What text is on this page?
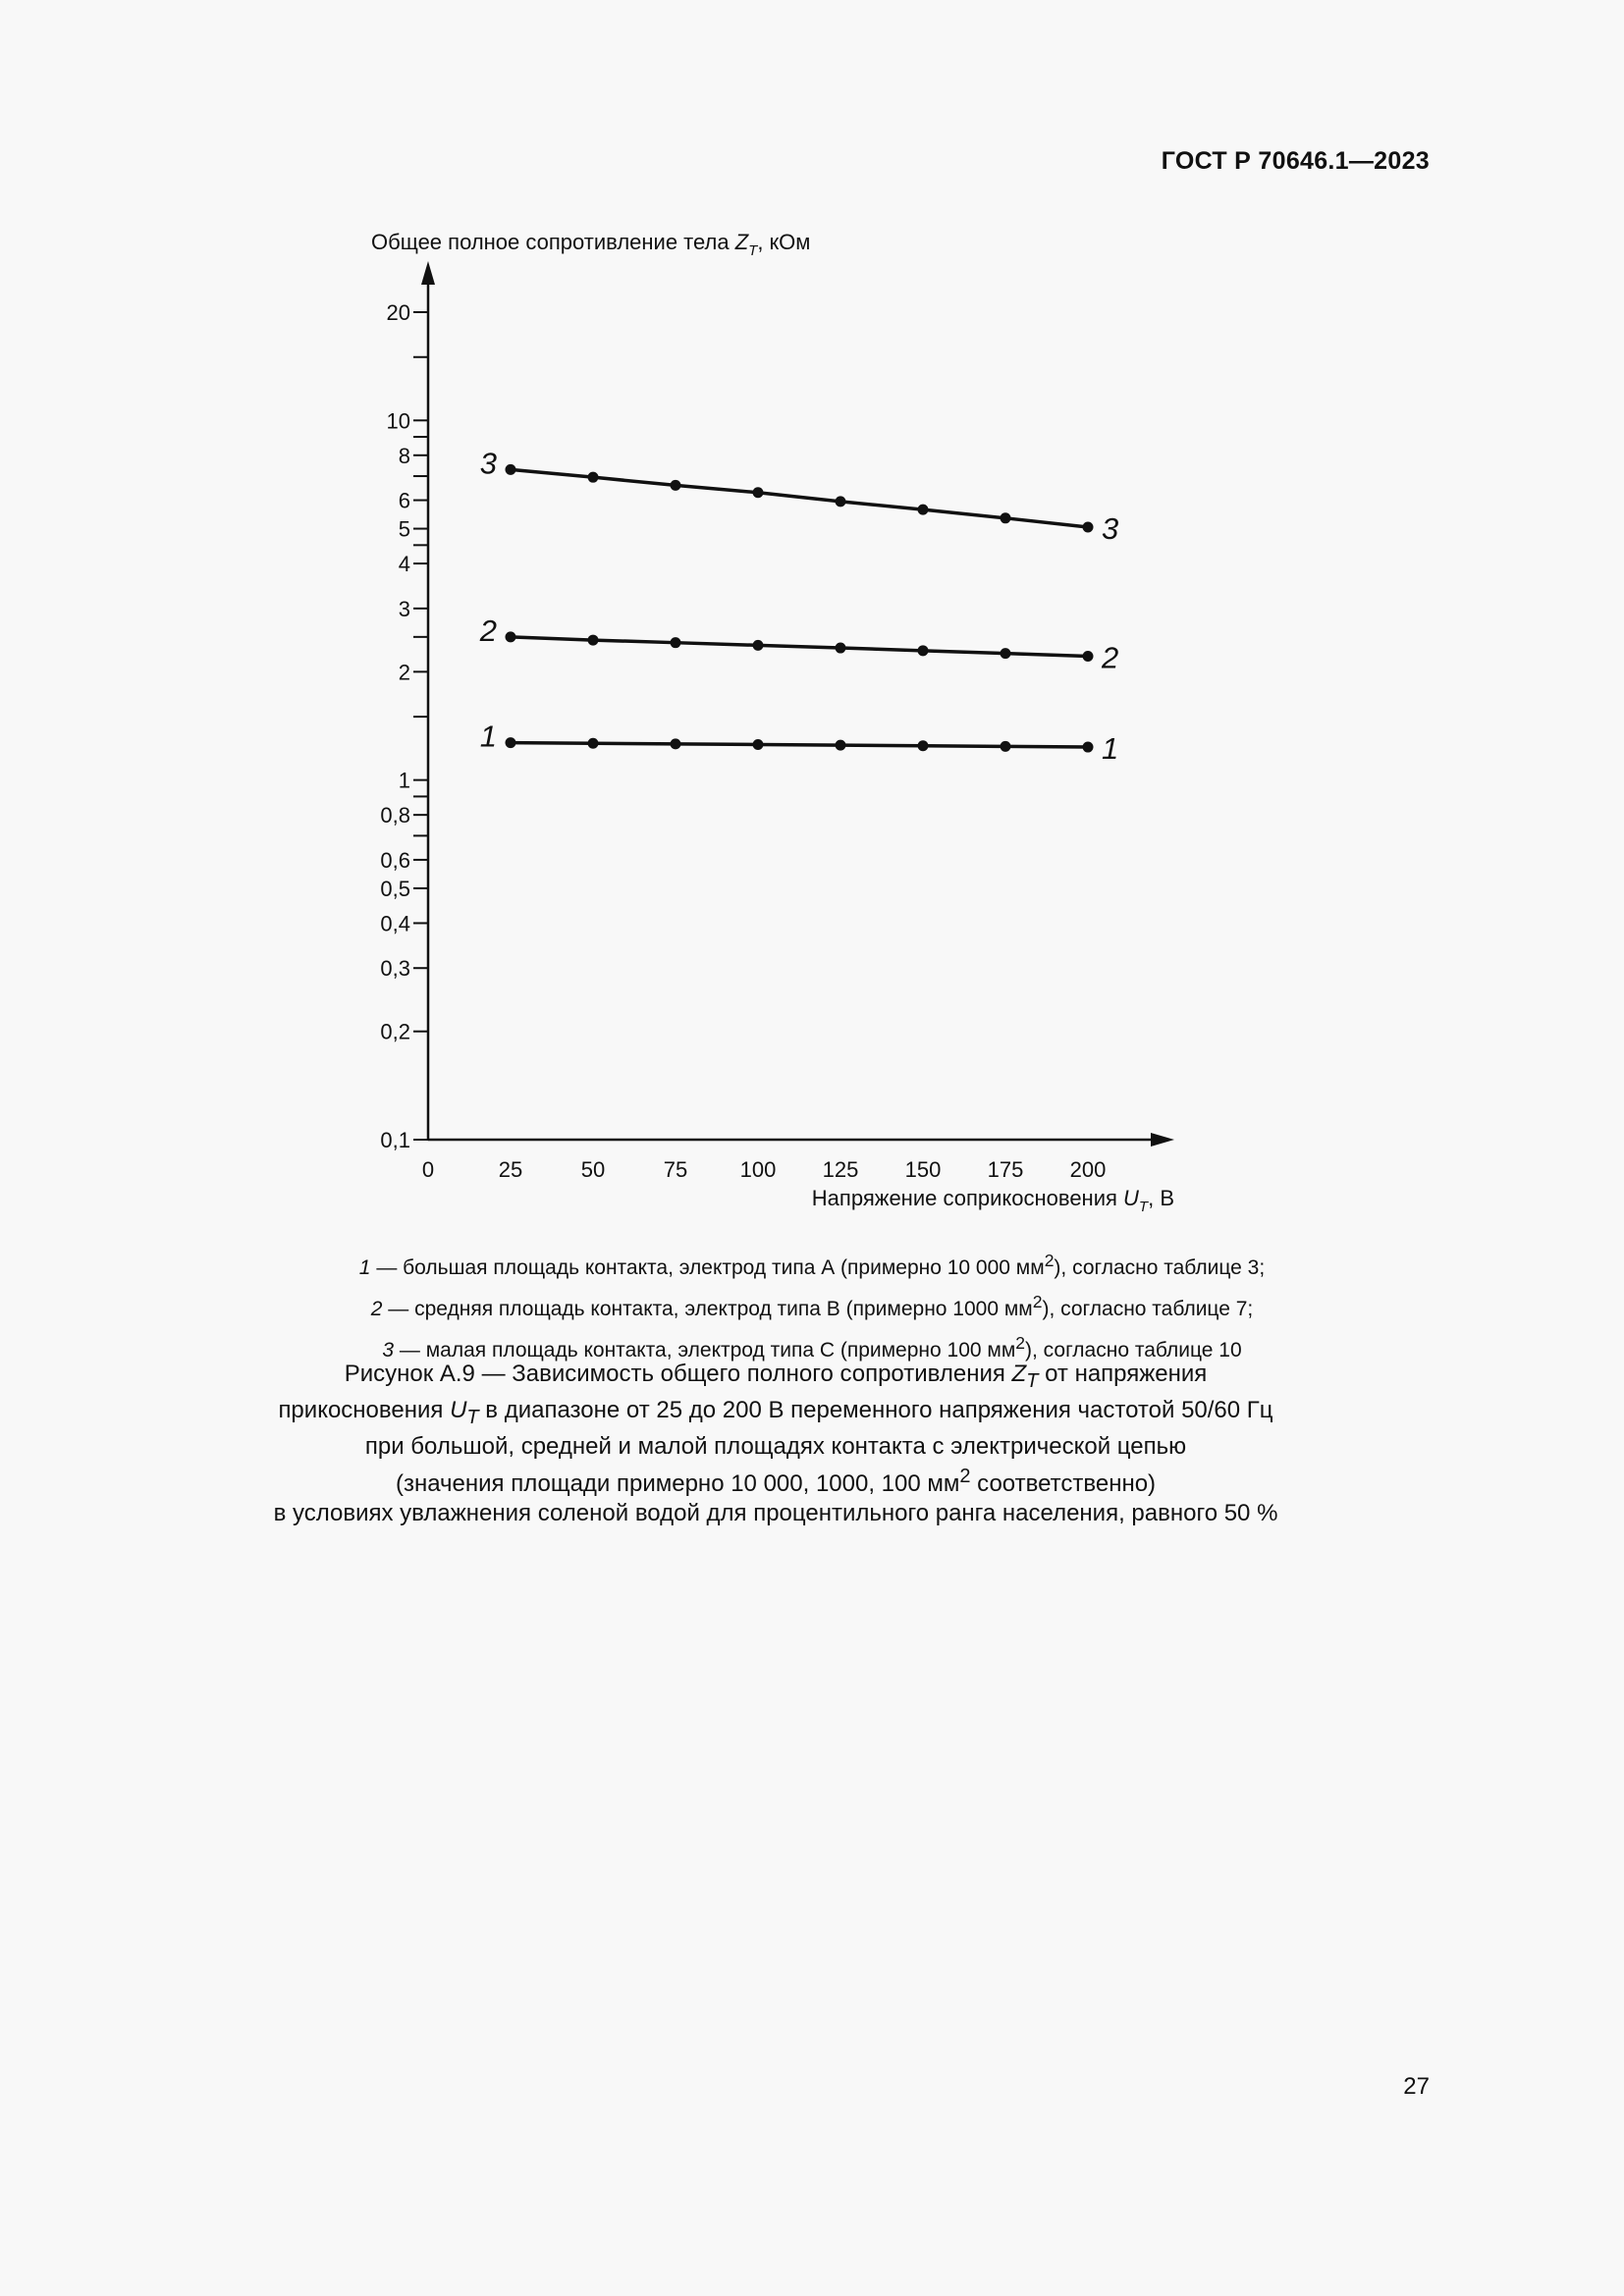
ГОСТ Р 70646.1—2023
Общее полное сопротивление тела $Z_T$, кОм
0,1
0,2
0,3
0,4
0,5
0,6
0,8
1
2
3
4
5
6
8
10
20
0	25	50	75 100 125 150 175 200
1	1
2
2
3
3
Напряжение соприкосновения $U_T$, В
1 — большая площадь контакта, электрод типа А (примерно 10 000 $мм^2$), согласно таблице 3;
2 — средняя площадь контакта, электрод типа В (примерно 1000 $мм^2$), согласно таблице 7;
3 — малая площадь контакта, электрод типа С (примерно 100 $мм^2$), согласно таблице 10
Рисунок А.9 — Зависимость общего полного сопротивления $Z_T$ от напряжения
прикосновения $U_T$ в диапазоне от 25 до 200 В переменного напряжения частотой 50/60 Гц
при большой, средней и малой площадях контакта с электрической цепью
(значения площади примерно 10 000, 1000, 100 $мм^2$ соответственно)
в условиях увлажнения соленой водой для процентильного ранга населения, равного 50 %
27
